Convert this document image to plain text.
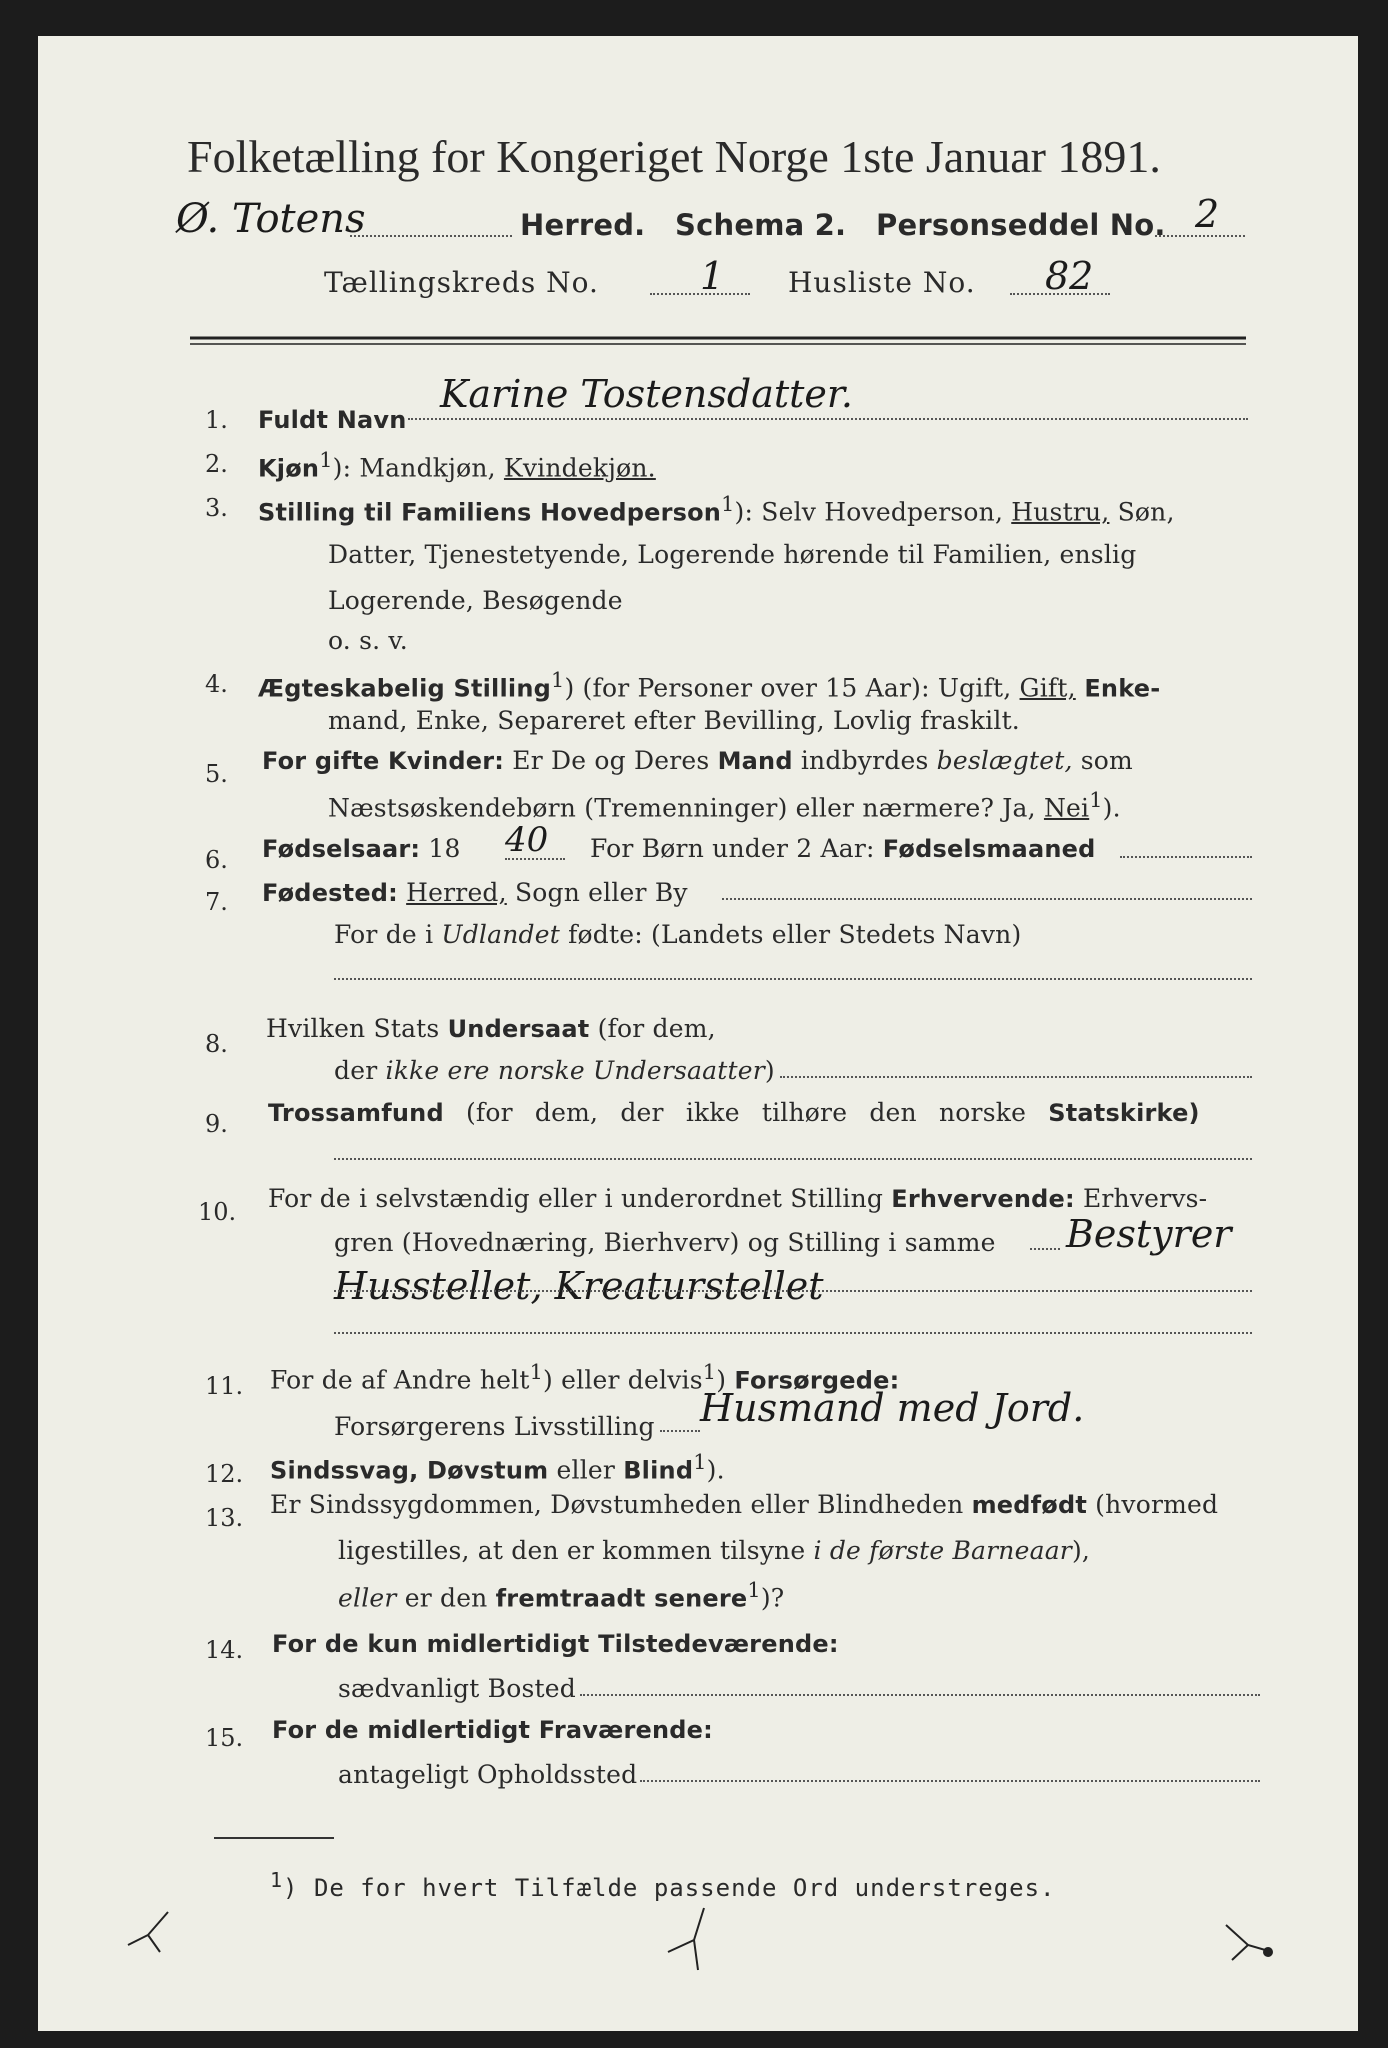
Folketælling for Kongeriget Norge 1ste Januar 1891.
Ø. Totens	Herred. Schema 2. Personseddel No. 2
Tællingskreds No.	1 Husliste No. 82
1. Fuldt Navn
Karine Tostensdatter.
2. Kjøn$^1$): Mandkjøn, Kvindekjøn.
3. Stilling til Familiens Hovedperson$^1$): Selv Hovedperson, Hustru, Søn,
Datter, Tjenestetyende, Logerende hørende til Familien, enslig
Logerende, Besøgende
o. s. v.
4. Ægteskabelig Stilling$^1$) (for Personer over 15 Aar): Ugift, Gift, Enke-
mand, Enke, Separeret efter Bevilling, Lovlig fraskilt.
5. For gifte Kvinder: Er De og Deres Mand indbyrdes beslægtet, som
Næstsøskendebørn (Tremenninger) eller nærmere? Ja, Nei$^1$).
6. Fødselsaar: 18 40 For Børn under 2 Aar: Fødselsmaaned
7. Fødested: Herred, Sogn eller By
For de i Udlandet fødte: (Landets eller Stedets Navn)
8.
Hvilken Stats Undersaat (for dem,
der ikke ere norske Undersaatter)
9. Trossamfund (for dem, der ikke tilhøre den norske Statskirke)
10. For de i selvstændig eller i underordnet Stilling Erhvervende: Erhvervs-
gren (Hovednæring, Bierhverv) og Stilling i samme Bestyrer
Husstellet, Kreaturstellet
11. For de af Andre helt$^1$) eller delvis$^1$) Forsørgede:
Forsørgerens Livsstilling Husmand med Jord.
12. Sindssvag, Døvstum eller Blind$^1$).
13. Er Sindssygdommen, Døvstumheden eller Blindheden medfødt (hvormed
ligestilles, at den er kommen tilsyne i de første Barneaar),
eller er den fremtraadt senere$^1$)?
14. For de kun midlertidigt Tilstedeværende:
sædvanligt Bosted
15. For de midlertidigt Fraværende:
antageligt Opholdssted
$^1$) De for hvert Tilfælde passende Ord understreges.
